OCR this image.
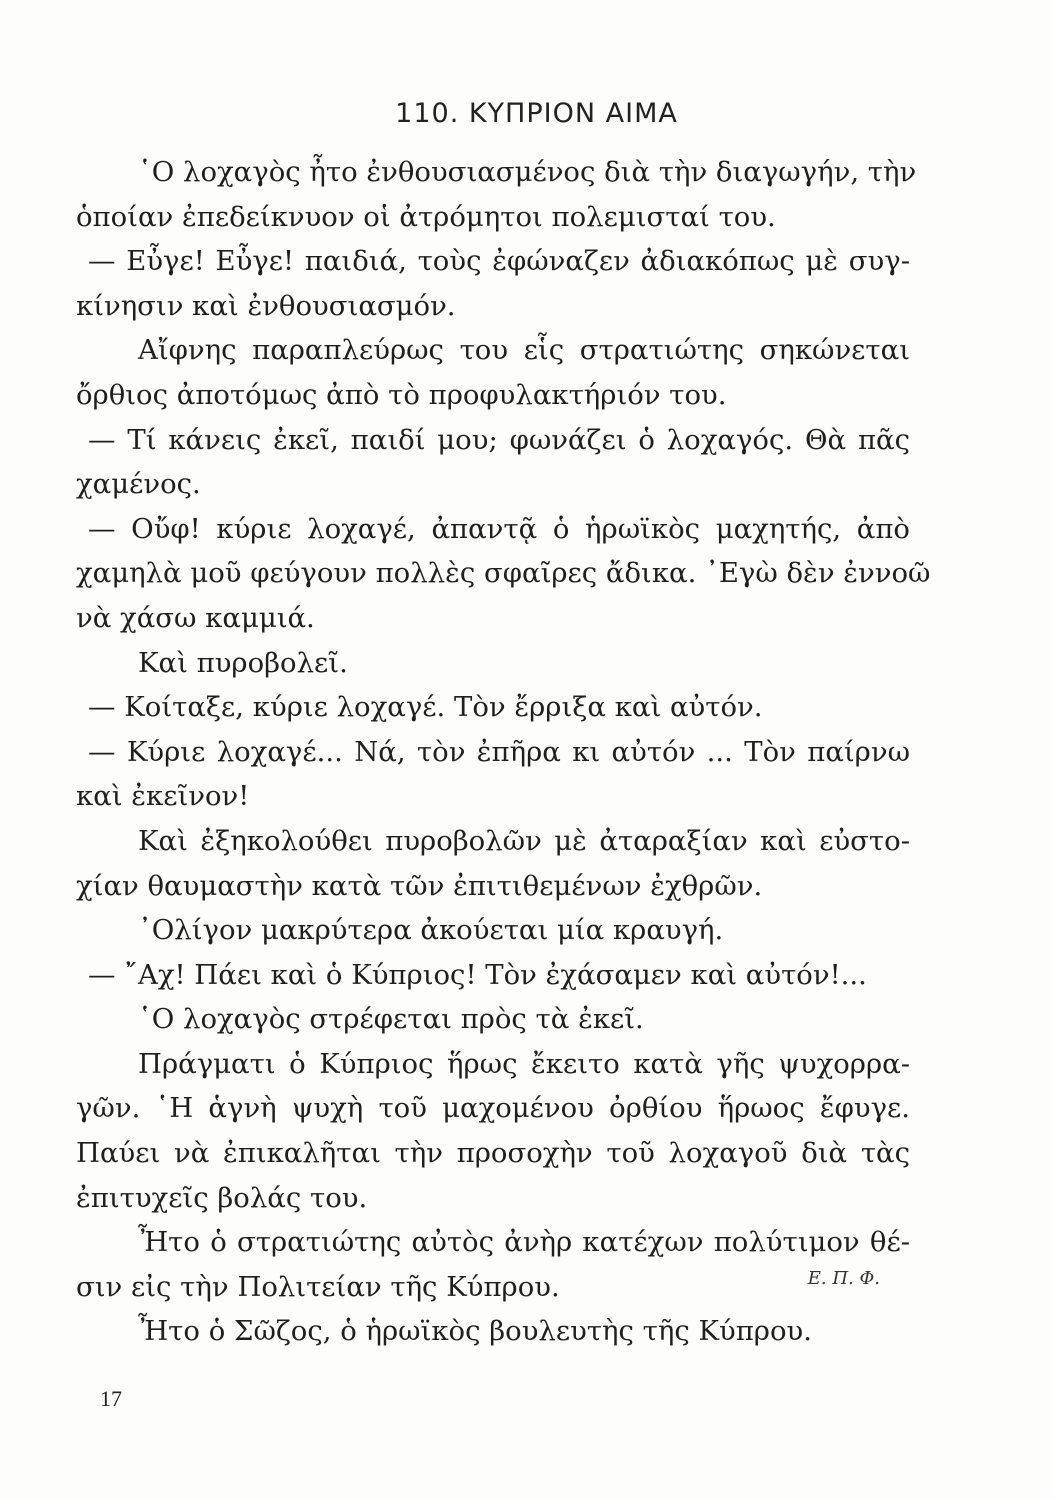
110. ΚΥΠΡΙΟΝ ΑΙΜΑ
῾Ο λοχαγὸς ἦτο ἐνθουσιασμένος διὰ τὴν διαγωγήν, τὴν
ὁποίαν ἐπεδείκνυον οἱ ἀτρόμητοι πολεμισταί του.
— Εὖγε! Εὖγε! παιδιά, τοὺς ἐφώναζεν ἀδιακόπως μὲ συγ-
κίνησιν καὶ ἐνθουσιασμόν.
Αἴφνης παραπλεύρως του εἷς στρατιώτης σηκώνεται
ὄρθιος ἀποτόμως ἀπὸ τὸ προφυλακτήριόν του.
— Τί κάνεις ἐκεῖ, παιδί μου; φωνάζει ὁ λοχαγός. Θὰ πᾶς
χαμένος.
— Οὔφ! κύριε λοχαγέ, ἀπαντᾷ ὁ ἡρωϊκὸς μαχητής, ἀπὸ
χαμηλὰ μοῦ φεύγουν πολλὲς σφαῖρες ἄδικα. ᾿Εγὼ δὲν ἐννοῶ
νὰ χάσω καμμιά.
Καὶ πυροβολεῖ.
— Κοίταξε, κύριε λοχαγέ. Τὸν ἔρριξα καὶ αὐτόν.
— Κύριε λοχαγέ... Νά, τὸν ἐπῆρα κι αὐτόν ... Τὸν παίρνω
καὶ ἐκεῖνον!
Καὶ ἐξηκολούθει πυροβολῶν μὲ ἀταραξίαν καὶ εὐστο-
χίαν θαυμαστὴν κατὰ τῶν ἐπιτιθεμένων ἐχθρῶν.
᾿Ολίγον μακρύτερα ἀκούεται μία κραυγή.
— ῎Αχ! Πάει καὶ ὁ Κύπριος! Τὸν ἐχάσαμεν καὶ αὐτόν!...
῾Ο λοχαγὸς στρέφεται πρὸς τὰ ἐκεῖ.
Πράγματι ὁ Κύπριος ἥρως ἔκειτο κατὰ γῆς ψυχορρα-
γῶν. ῾Η ἁγνὴ ψυχὴ τοῦ μαχομένου ὀρθίου ἥρωος ἔφυγε.
Παύει νὰ ἐπικαλῆται τὴν προσοχὴν τοῦ λοχαγοῦ διὰ τὰς
ἐπιτυχεῖς βολάς του.
Ἦτο ὁ στρατιώτης αὐτὸς ἀνὴρ κατέχων πολύτιμον θέ-
σιν εἰς τὴν Πολιτείαν τῆς Κύπρου.
Ἦτο ὁ Σῶζος, ὁ ἡρωϊκὸς βουλευτὴς τῆς Κύπρου.
Ε. Π. Φ.
17
